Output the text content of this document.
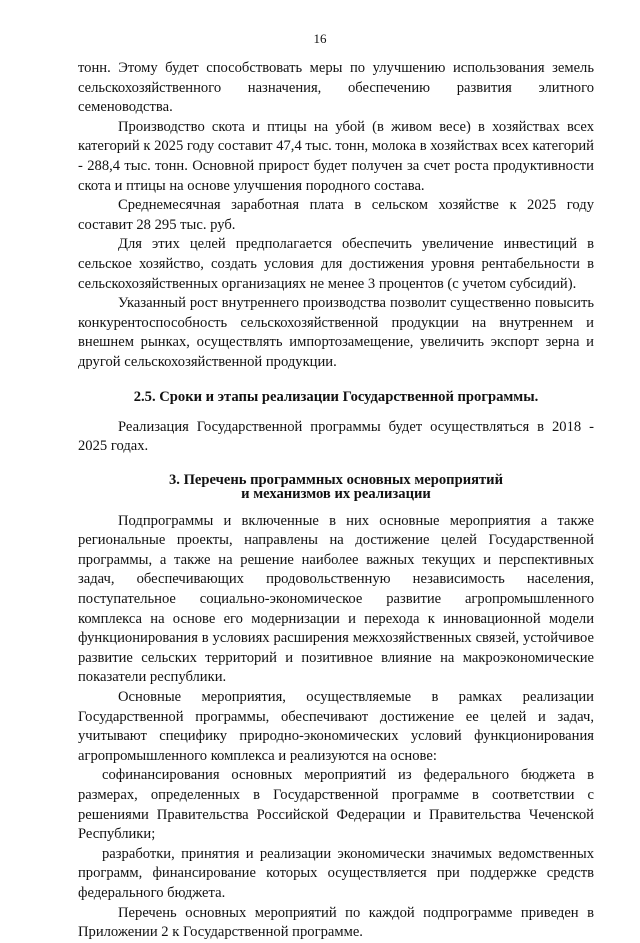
16

тонн. Этому будет способствовать меры по улучшению использования земель сельскохозяйственного назначения, обеспечению развития элитного семеноводства.

Производство скота и птицы на убой (в живом весе) в хозяйствах всех категорий к 2025 году составит 47,4 тыс. тонн, молока в хозяйствах всех категорий - 288,4 тыс. тонн. Основной прирост будет получен за счет роста продуктивности скота и птицы на основе улучшения породного состава.

Среднемесячная заработная плата в сельском хозяйстве к 2025 году составит 28 295 тыс. руб.

Для этих целей предполагается обеспечить увеличение инвестиций в сельское хозяйство, создать условия для достижения уровня рентабельности в сельскохозяйственных организациях не менее 3 процентов (с учетом субсидий).

Указанный рост внутреннего производства позволит существенно повысить конкурентоспособность сельскохозяйственной продукции на внутреннем и внешнем рынках, осуществлять импортозамещение, увеличить экспорт зерна и другой сельскохозяйственной продукции.

2.5. Сроки и этапы реализации Государственной программы.

Реализация Государственной программы будет осуществляться в 2018 - 2025 годах.

3. Перечень программных основных мероприятий
и механизмов их реализации

Подпрограммы и включенные в них основные мероприятия а также региональные проекты, направлены на достижение целей Государственной программы, а также на решение наиболее важных текущих и перспективных задач, обеспечивающих продовольственную независимость населения, поступательное социально-экономическое развитие агропромышленного комплекса на основе его модернизации и перехода к инновационной модели функционирования в условиях расширения межхозяйственных связей, устойчивое развитие сельских территорий и позитивное влияние на макроэкономические показатели республики.

Основные мероприятия, осуществляемые в рамках реализации Государственной программы, обеспечивают достижение ее целей и задач, учитывают специфику природно-экономических условий функционирования агропромышленного комплекса и реализуются на основе:

софинансирования основных мероприятий из федерального бюджета в размерах, определенных в Государственной программе в соответствии с решениями Правительства Российской Федерации и Правительства Чеченской Республики;

разработки, принятия и реализации экономически значимых ведомственных программ, финансирование которых осуществляется при поддержке средств федерального бюджета.

Перечень основных мероприятий по каждой подпрограмме приведен в Приложении 2 к Государственной программе.
